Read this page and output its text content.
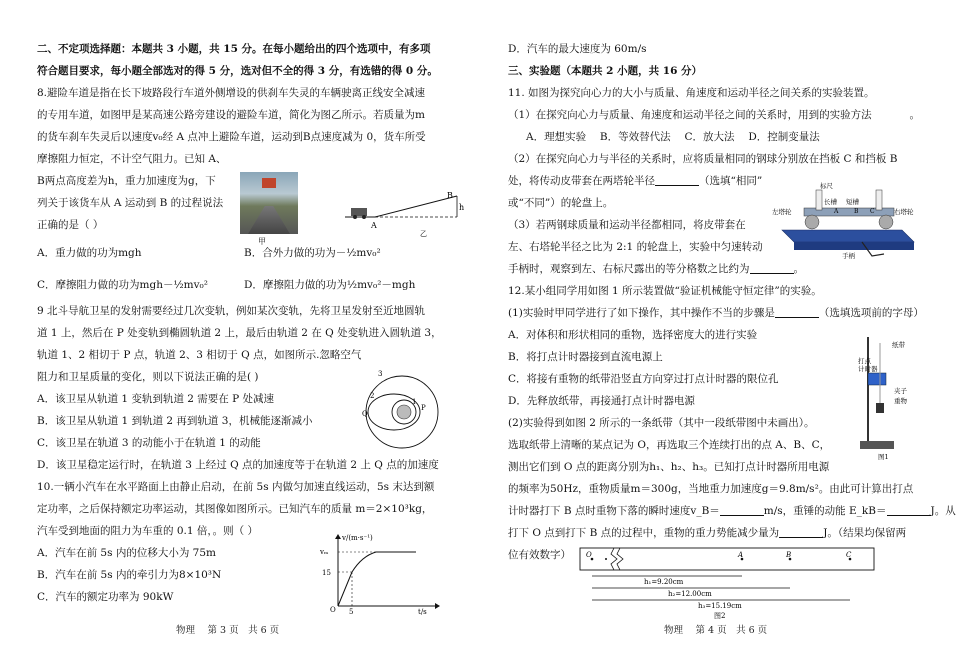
二、不定项选择题：本题共 3 小题，共 15 分。在每小题给出的四个选项中，有多项
符合题目要求，每小题全部选对的得 5 分，选对但不全的得 3 分，有选错的得 0 分。
8.避险车道是指在长下坡路段行车道外侧增设的供刹车失灵的车辆驶离正线安全减速
的专用车道，如图甲是某高速公路旁建设的避险车道，简化为图乙所示。若质量为m
的货车刹车失灵后以速度v₀经 A 点冲上避险车道，运动到B点速度减为 0，货车所受
摩擦阻力恒定，不计空气阻力。已知 A、
B两点高度差为h，重力加速度为g，下
列关于该货车从 A 运动到 B 的过程说法
正确的是（ ）
A．重力做的功为mgh	B．合外力做的功为－½mv₀²
C．摩擦阻力做的功为mgh－½mv₀²	D．摩擦阻力做的功为½mv₀²－mgh
9 北斗导航卫星的发射需要经过几次变轨，例如某次变轨，先将卫星发射至近地圆轨
道 1 上，然后在 P 处变轨到椭圆轨道 2 上，最后由轨道 2 在 Q 处变轨进入圆轨道 3，
轨道 1、2 相切于 P 点，轨道 2、3 相切于 Q 点，如图所示.忽略空气
阻力和卫星质量的变化，则以下说法正确的是( )
A．该卫星从轨道 1 变轨到轨道 2 需要在 P 处减速
B．该卫星从轨道 1 到轨道 2 再到轨道 3，机械能逐渐减小
C．该卫星在轨道 3 的动能小于在轨道 1 的动能
D．该卫星稳定运行时，在轨道 3 上经过 Q 点的加速度等于在轨道 2 上 Q 点的加速度
10.一辆小汽车在水平路面上由静止启动，在前 5s 内做匀加速直线运动，5s 末达到额
定功率，之后保持额定功率运动，其图像如图所示。已知汽车的质量 m＝2×10³kg，
汽车受到地面的阻力为车重的 0.1 倍，。则（ ）
A．汽车在前 5s 内的位移大小为 75m
B．汽车在前 5s 内的牵引力为8×10³N
C．汽车的额定功率为 90kW
甲
A
B
h
乙
3
2
1
P
Q
v/(m·s⁻¹)
vₘ
15
5
O	t/s
物理　 第 3 页　共 6 页
D．汽车的最大速度为 60m/s
三、实验题（本题共 2 小题，共 16 分）
11. 如图为探究向心力的大小与质量、角速度和运动半径之间关系的实验装置。
（1）在探究向心力与质量、角速度和运动半径之间的关系时，用到的实验方法	。
A．理想实验　 B．等效替代法　 C．放大法　 D．控制变量法
（2）在探究向心力与半径的关系时，应将质量相同的钢球分别放在挡板 C 和挡板 B
处，将传动皮带套在两塔轮半径	（选填“相同”
或“不同”）的轮盘上。
（3）若两钢球质量和运动半径都相同，将皮带套在
左、右塔轮半径之比为 2:1 的轮盘上，实验中匀速转动
手柄时，观察到左、右标尺露出的等分格数之比约为	。
12.某小组同学用如图 1 所示装置做“验证机械能守恒定律”的实验。
(1)实验时甲同学进行了如下操作，其中操作不当的步骤是	（选填选项前的字母）
A．对体积和形状相同的重物，选择密度大的进行实验
B．将打点计时器接到直流电源上
C．将接有重物的纸带沿竖直方向穿过打点计时器的限位孔
D．先释放纸带，再接通打点计时器电源
(2)实验得到如图 2 所示的一条纸带（其中一段纸带图中未画出）。
选取纸带上清晰的某点记为 O，再选取三个连续打出的点 A、B、C，
测出它们到 O 点的距离分别为h₁、h₂、h₃。已知打点计时器所用电源
的频率为50Hz，重物质量m＝300g，当地重力加速度g＝9.8m/s²。由此可计算出打点
计时器打下 B 点时重物下落的瞬时速度v_B＝	m/s，重锤的动能 E_kB＝	J。从
打下 O 点到打下 B 点的过程中，重物的重力势能减少量为	J。（结果均保留两
位有效数字）
标尺
长槽 短槽
左塔轮	右塔轮
A	B C
手柄
打点
计时器
纸带
夹子
重物
图1
O	A	B	C
h₁=9.20cm
h₂=12.00cm
h₃=15.19cm
图2
物理　 第 4 页　共 6 页
